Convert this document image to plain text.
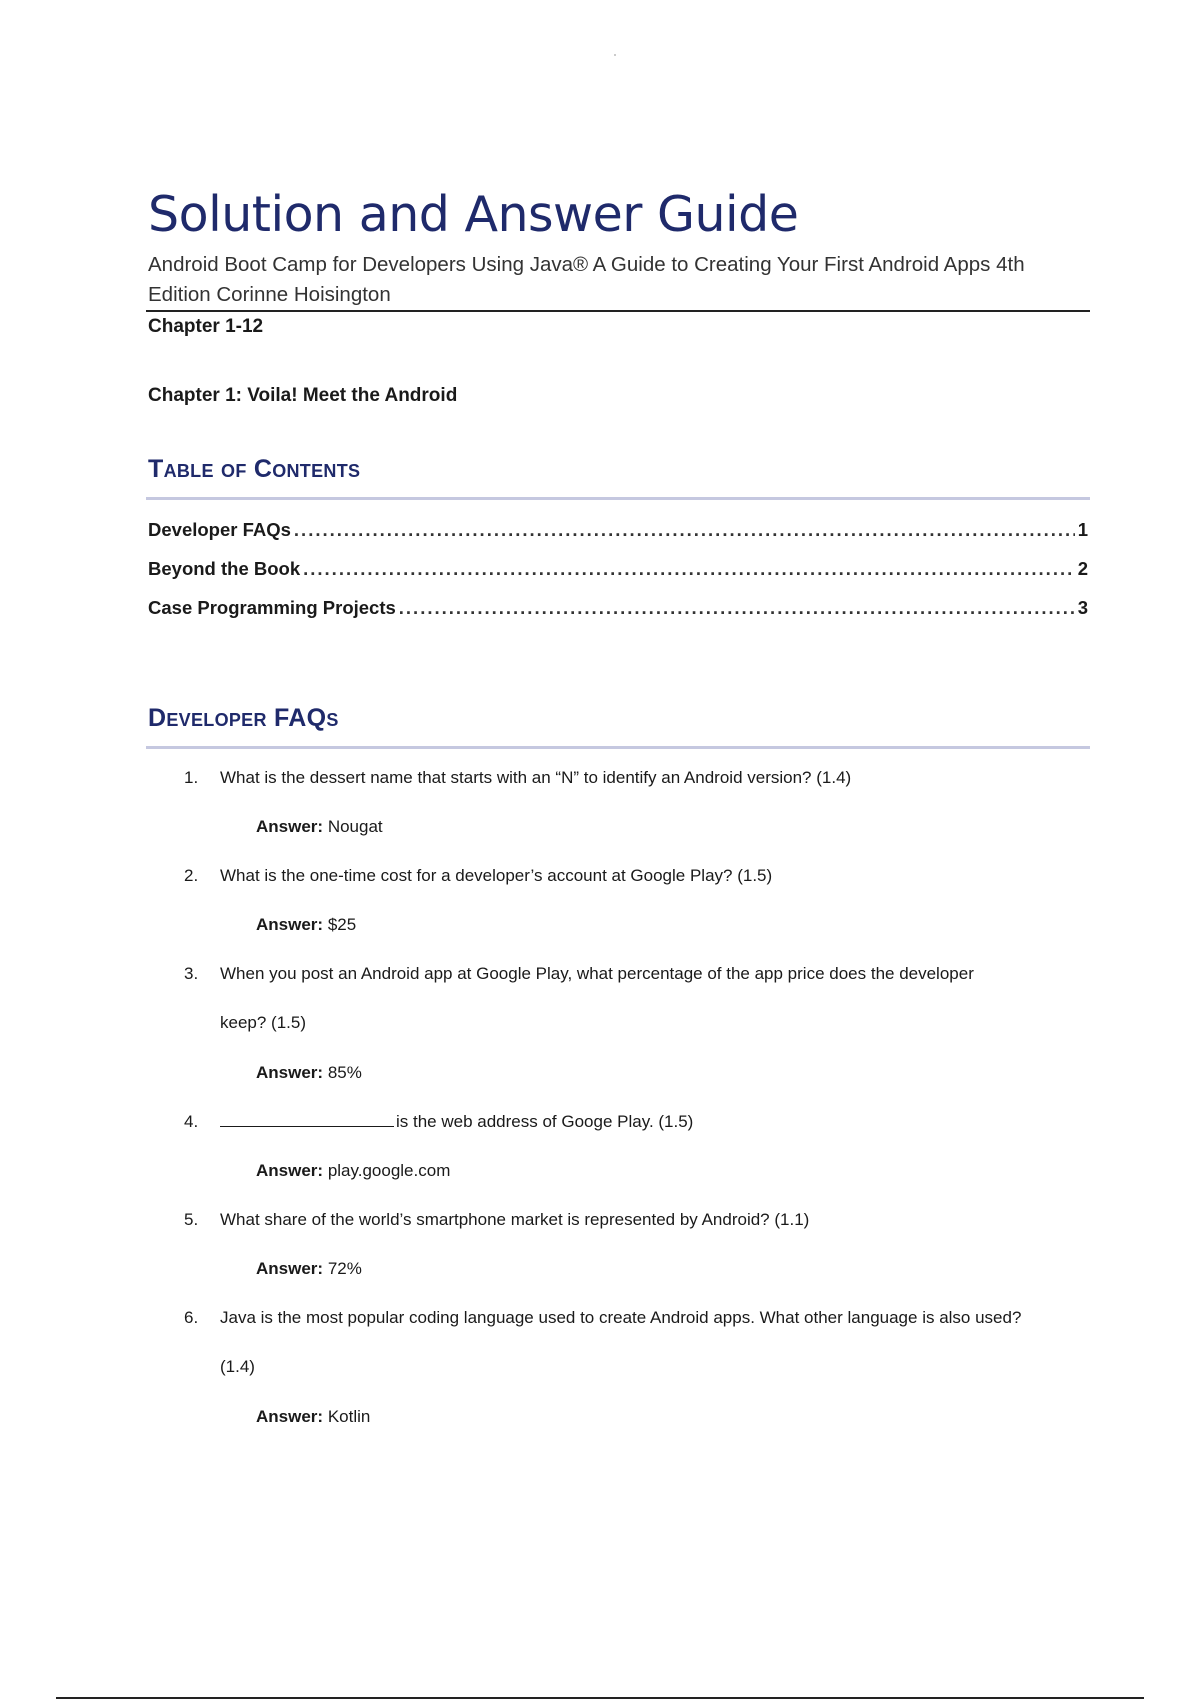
Solution and Answer Guide
Android Boot Camp for Developers Using Java® A Guide to Creating Your First Android Apps 4th Edition Corinne Hoisington
Chapter 1-12
Chapter 1: Voila! Meet the Android
Table of Contents
Developer FAQs .....	1
Beyond the Book .....	2
Case Programming Projects .....	3
Developer FAQs
1. What is the dessert name that starts with an “N” to identify an Android version? (1.4)
Answer: Nougat
2. What is the one-time cost for a developer’s account at Google Play? (1.5)
Answer: $25
3. When you post an Android app at Google Play, what percentage of the app price does the developer
keep? (1.5)
Answer: 85%
4.	is the web address of Googe Play. (1.5)
Answer: play.google.com
5. What share of the world’s smartphone market is represented by Android? (1.1)
Answer: 72%
6. Java is the most popular coding language used to create Android apps. What other language is also used?
(1.4)
Answer: Kotlin
